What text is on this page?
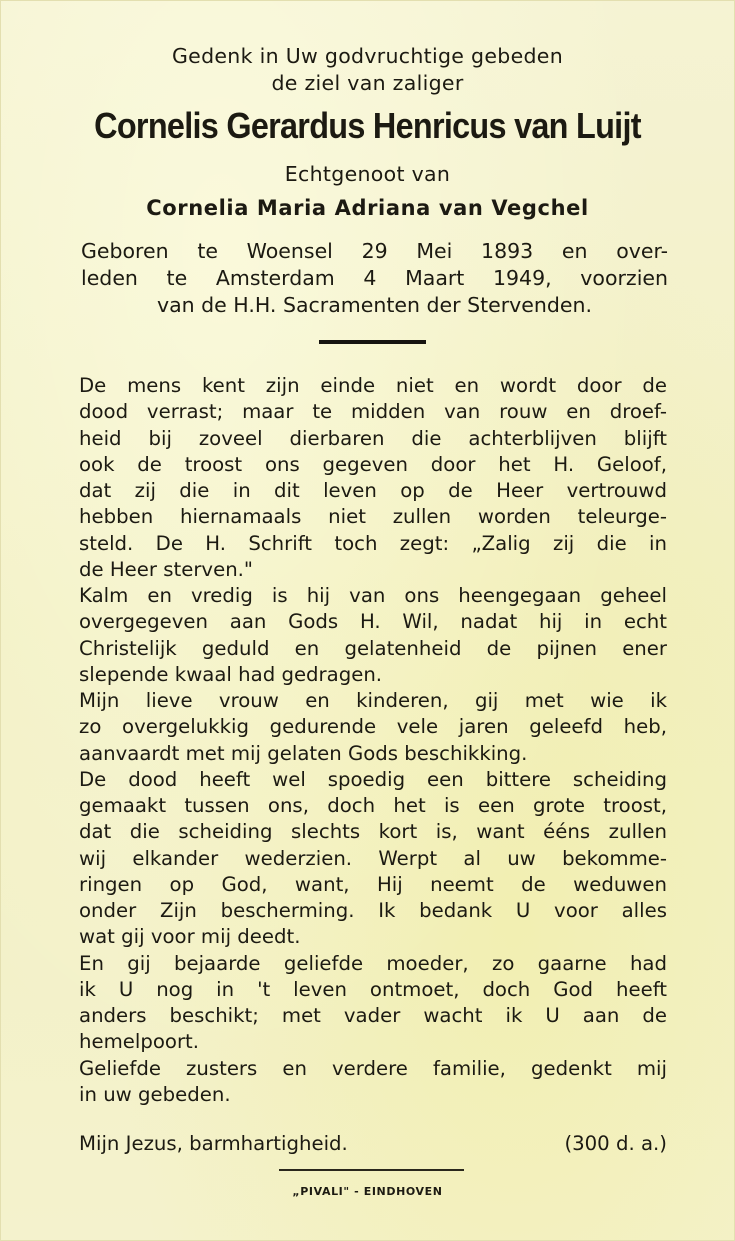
Gedenk in Uw godvruchtige gebeden
de ziel van zaliger
Cornelis Gerardus Henricus van Luijt
Echtgenoot van
Cornelia Maria Adriana van Vegchel
Geboren te Woensel 29 Mei 1893 en over-
leden te Amsterdam 4 Maart 1949, voorzien
van de H.H. Sacramenten der Stervenden.
De mens kent zijn einde niet en wordt door de
dood verrast; maar te midden van rouw en droef-
heid bij zoveel dierbaren die achterblijven blijft
ook de troost ons gegeven door het H. Geloof,
dat zij die in dit leven op de Heer vertrouwd
hebben hiernamaals niet zullen worden teleurge-
steld. De H. Schrift toch zegt: „Zalig zij die in
de Heer sterven."
Kalm en vredig is hij van ons heengegaan geheel
overgegeven aan Gods H. Wil, nadat hij in echt
Christelijk geduld en gelatenheid de pijnen ener
slepende kwaal had gedragen.
Mijn lieve vrouw en kinderen, gij met wie ik
zo overgelukkig gedurende vele jaren geleefd heb,
aanvaardt met mij gelaten Gods beschikking.
De dood heeft wel spoedig een bittere scheiding
gemaakt tussen ons, doch het is een grote troost,
dat die scheiding slechts kort is, want ééns zullen
wij elkander wederzien. Werpt al uw bekomme-
ringen op God, want, Hij neemt de weduwen
onder Zijn bescherming. Ik bedank U voor alles
wat gij voor mij deedt.
En gij bejaarde geliefde moeder, zo gaarne had
ik U nog in 't leven ontmoet, doch God heeft
anders beschikt; met vader wacht ik U aan de
hemelpoort.
Geliefde zusters en verdere familie, gedenkt mij
in uw gebeden.
Mijn Jezus, barmhartigheid.	(300 d. a.)
„PIVALI" - EINDHOVEN
